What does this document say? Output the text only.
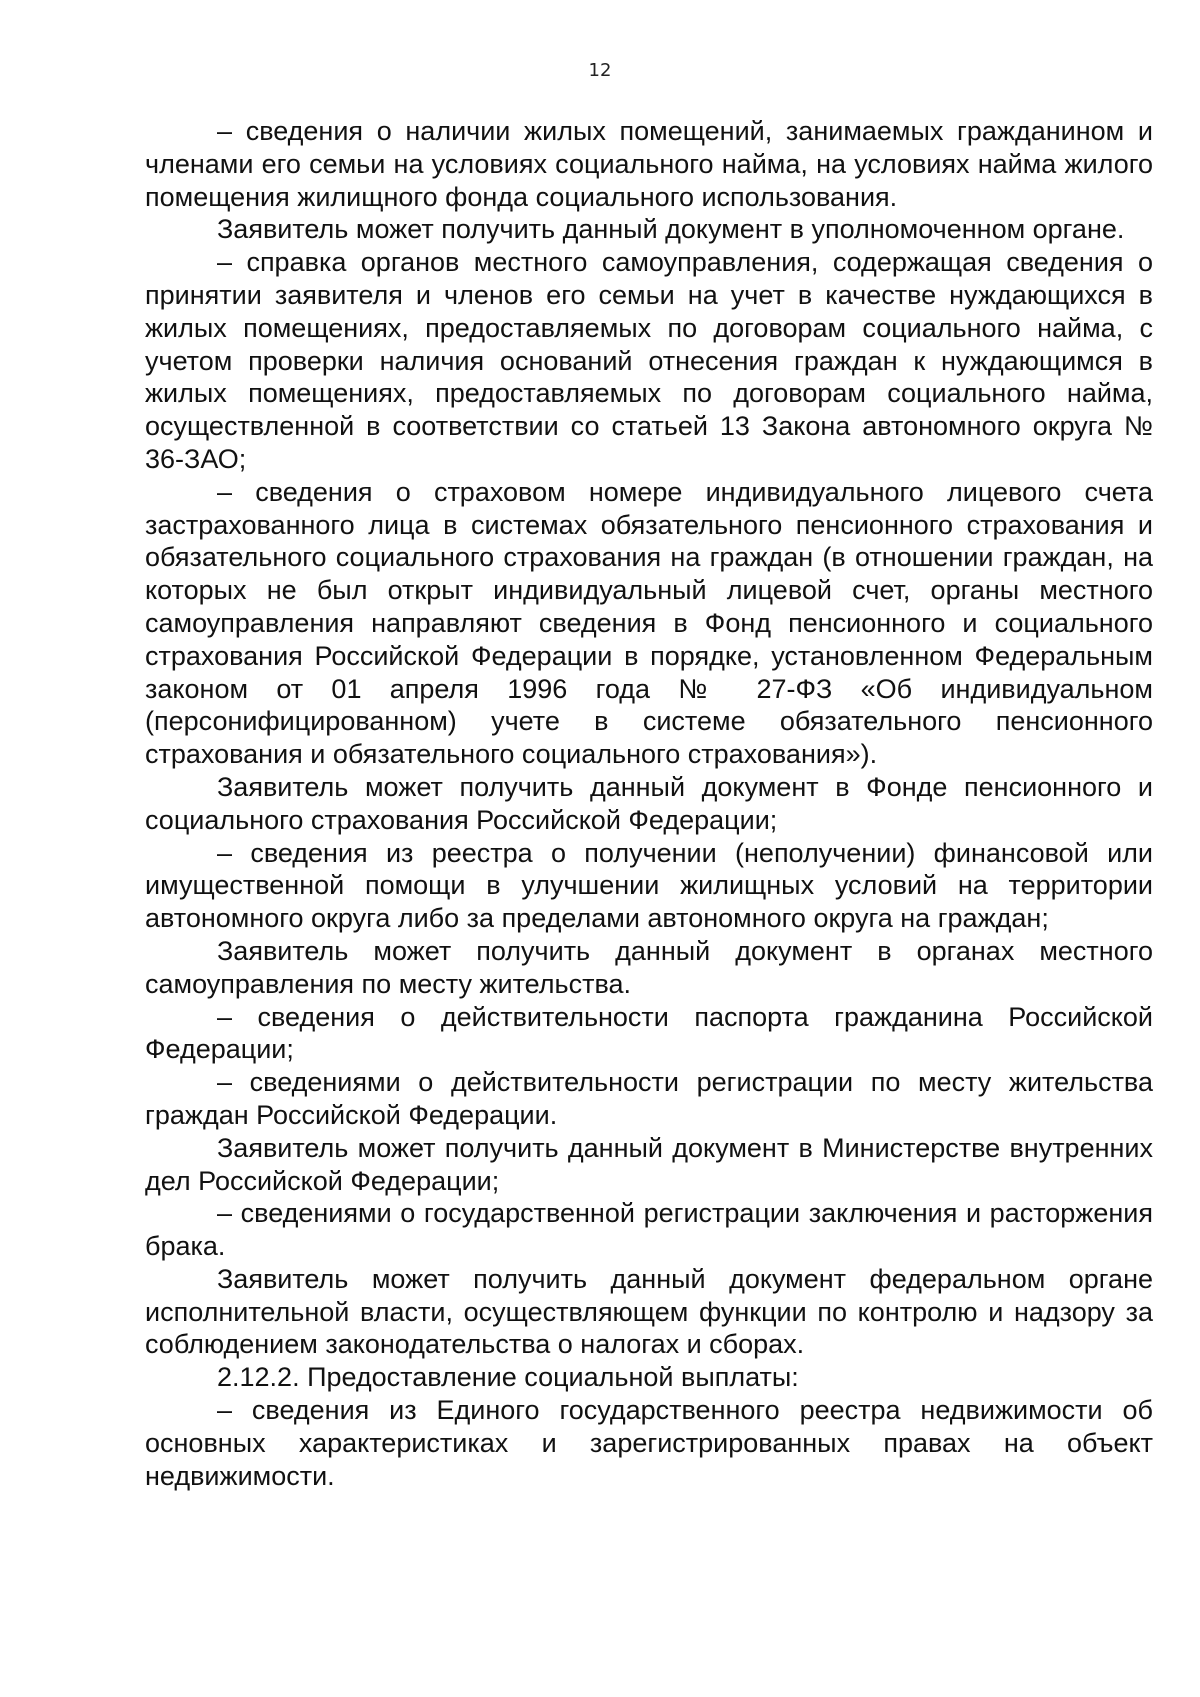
12

– сведения о наличии жилых помещений, занимаемых гражданином и членами его семьи на условиях социального найма, на условиях найма жилого помещения жилищного фонда социального использования.

Заявитель может получить данный документ в уполномоченном органе.

– справка органов местного самоуправления, содержащая сведения о принятии заявителя и членов его семьи на учет в качестве нуждающихся в жилых помещениях, предоставляемых по договорам социального найма, с учетом проверки наличия оснований отнесения граждан к нуждающимся в жилых помещениях, предоставляемых по договорам социального найма, осуществленной в соответствии со статьей 13 Закона автономного округа № 36-ЗАО;

– сведения о страховом номере индивидуального лицевого счета застрахованного лица в системах обязательного пенсионного страхования и обязательного социального страхования на граждан (в отношении граждан, на которых не был открыт индивидуальный лицевой счет, органы местного самоуправления направляют сведения в Фонд пенсионного и социального страхования Российской Федерации в порядке, установленном Федеральным законом от 01 апреля 1996 года № 27-ФЗ «Об индивидуальном (персонифицированном) учете в системе обязательного пенсионного страхования и обязательного социального страхования»).

Заявитель может получить данный документ в Фонде пенсионного и социального страхования Российской Федерации;

– сведения из реестра о получении (неполучении) финансовой или имущественной помощи в улучшении жилищных условий на территории автономного округа либо за пределами автономного округа на граждан;

Заявитель может получить данный документ в органах местного самоуправления по месту жительства.

– сведения о действительности паспорта гражданина Российской Федерации;

– сведениями о действительности регистрации по месту жительства граждан Российской Федерации.

Заявитель может получить данный документ в Министерстве внутренних дел Российской Федерации;

– сведениями о государственной регистрации заключения и расторжения брака.

Заявитель может получить данный документ федеральном органе исполнительной власти, осуществляющем функции по контролю и надзору за соблюдением законодательства о налогах и сборах.

2.12.2. Предоставление социальной выплаты:

– сведения из Единого государственного реестра недвижимости об основных характеристиках и зарегистрированных правах на объект недвижимости.
